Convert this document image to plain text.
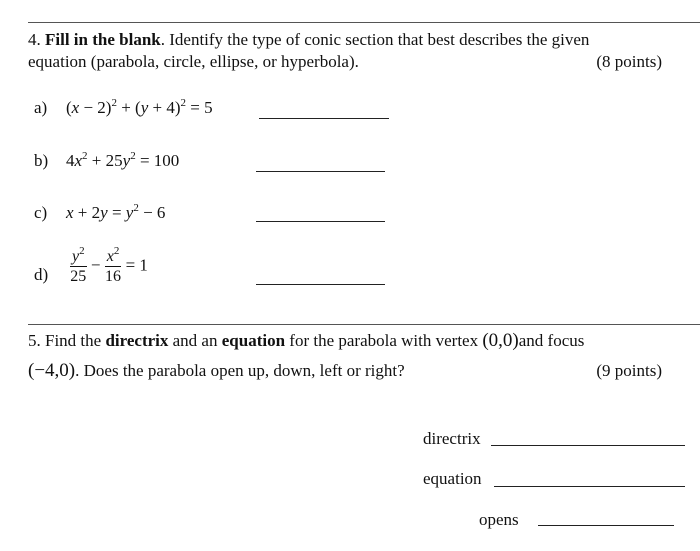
4. Fill in the blank. Identify the type of conic section that best describes the given
equation (parabola, circle, ellipse, or hyperbola).	(8 points)
a) $(x - 2)^2 + (y + 4)^2 = 5$
b) $4x^2 + 25y^2 = 100$
c) $x + 2y = y^2 - 6$
$d) \frac{y^2}{25} - \frac{x^2}{16} = 1$
5. Find the directrix and an equation for the parabola with vertex (0,0)and focus
(−4,0). Does the parabola open up, down, left or right?	(9 points)
directrix
equation
opens
